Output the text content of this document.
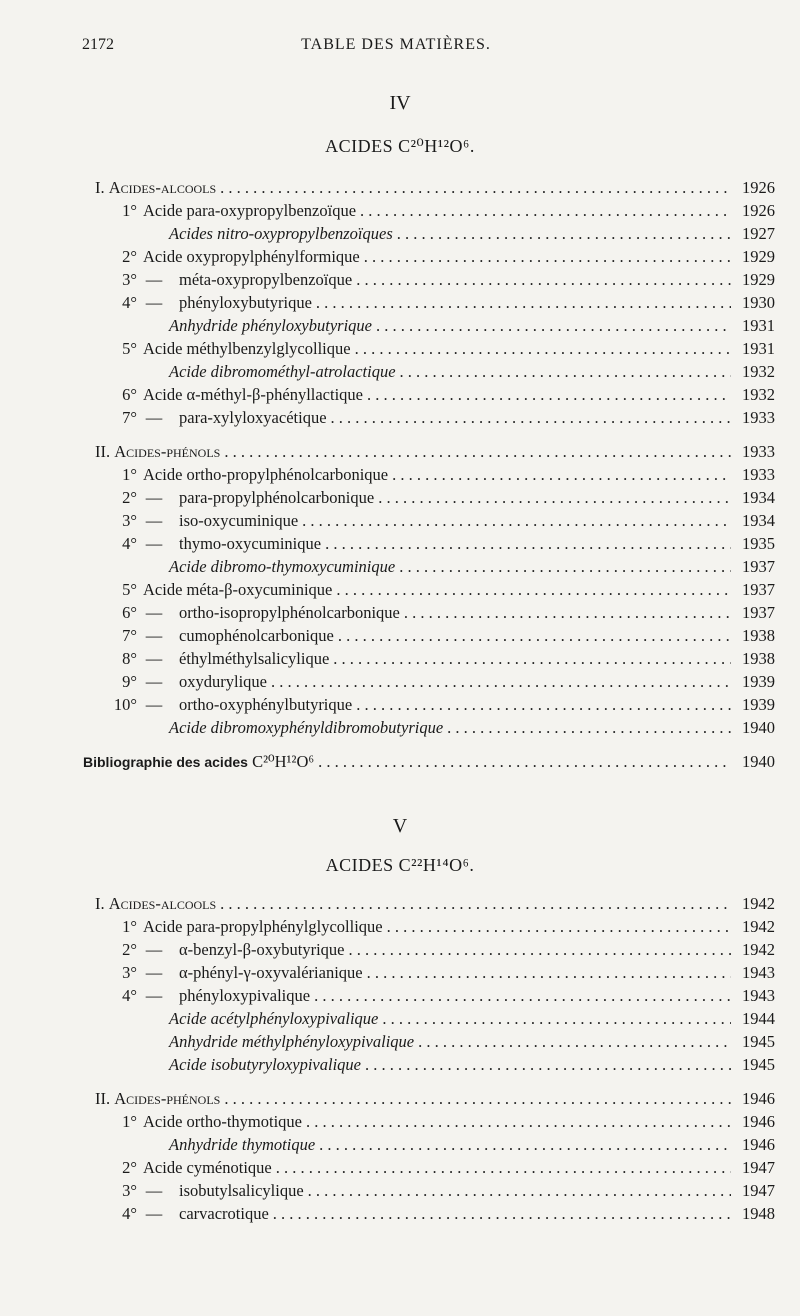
2172	TABLE DES MATIÈRES.
IV
ACIDES C²⁰H¹²O⁶.
I. Acides-alcools . . .	1926
1° Acide para-oxypropylbenzoïque . . .	1926
Acides nitro-oxypropylbenzoïques . . .	1927
2° Acide oxypropylphénylformique . . .	1929
3° — méta-oxypropylbenzoïque . . .	1929
4° — phényloxybutyrique . . .	1930
Anhydride phényloxybutyrique . . .	1931
5° Acide méthylbenzylglycollique . . .	1931
Acide dibromométhyl-atrolactique . . .	1932
6° Acide α-méthyl-β-phényllactique . . .	1932
7° — para-xylyloxyacétique . . .	1933
II. Acides-phénols . . .	1933
1° Acide ortho-propylphénolcarbonique . . .	1933
2° — para-propylphénolcarbonique . . .	1934
3° — iso-oxycuminique . . .	1934
4° — thymo-oxycuminique . . .	1935
Acide dibromo-thymoxycuminique . . .	1937
5° Acide méta-β-oxycuminique . . .	1937
6° — ortho-isopropylphénolcarbonique . . .	1937
7° — cumophénolcarbonique . . .	1938
8° — éthylméthylsalicylique . . .	1938
9° — oxydurylique . . .	1939
10° — ortho-oxyphénylbutyrique . . .	1939
Acide dibromoxyphényldibromobutyrique . . .	1940
Bibliographie des acides C²⁰H¹²O⁶ . . .	1940
V
ACIDES C²²H¹⁴O⁶.
I. Acides-alcools . . .	1942
1° Acide para-propylphénylglycollique . . .	1942
2° — α-benzyl-β-oxybutyrique . . .	1942
3° — α-phényl-γ-oxyvalérianique . . .	1943
4° — phényloxypivalique . . .	1943
Acide acétylphényloxypivalique . . .	1944
Anhydride méthylphényloxypivalique . . .	1945
Acide isobutyryloxypivalique . . .	1945
II. Acides-phénols . . .	1946
1° Acide ortho-thymotique . . .	1946
Anhydride thymotique . . .	1946
2° Acide cyménotique . . .	1947
3° — isobutylsalicylique . . .	1947
4° — carvacrotique . . .	1948
